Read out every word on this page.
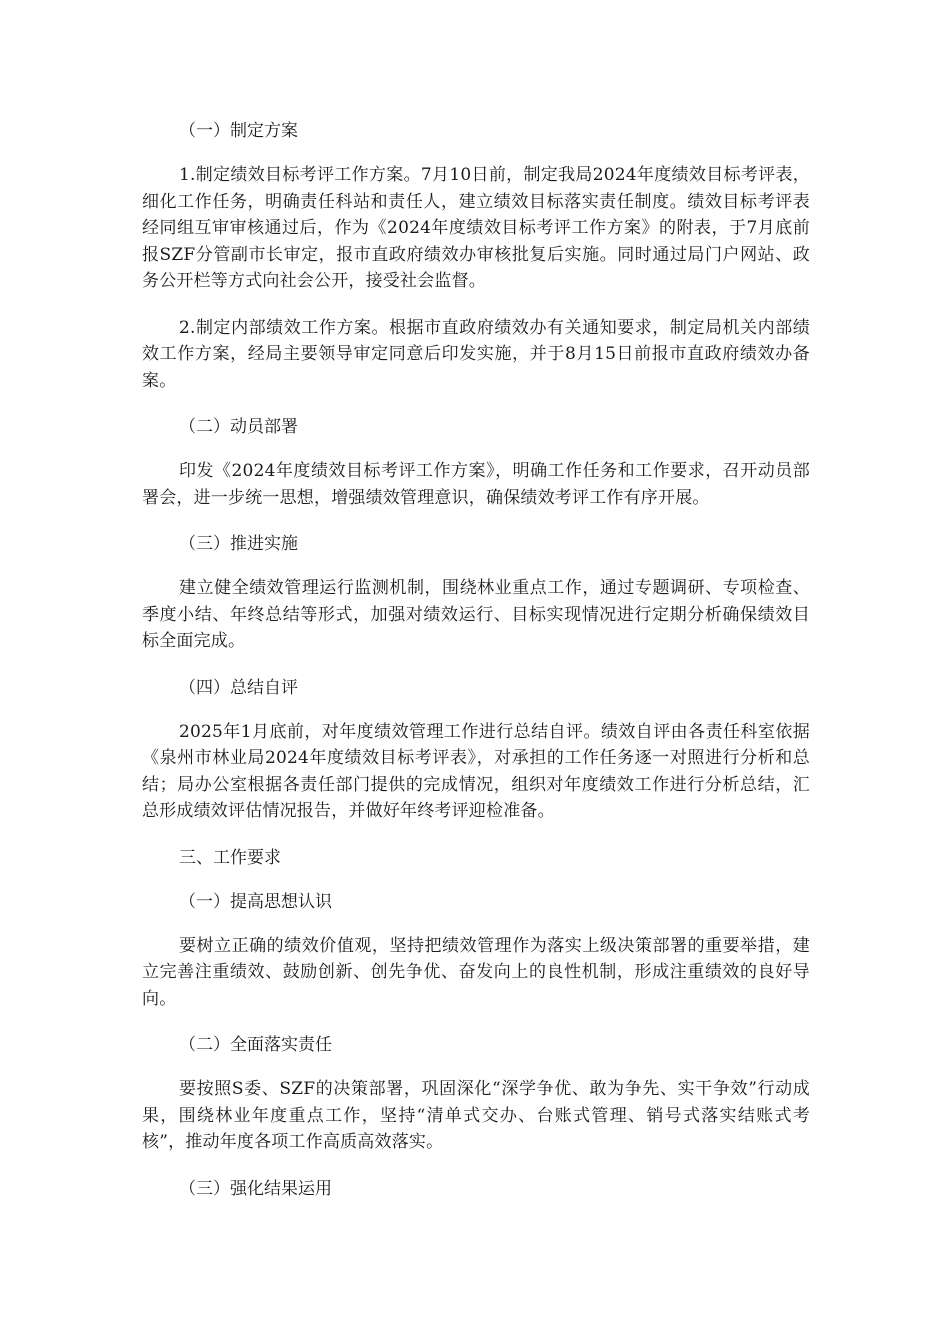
（一）制定方案

1.制定绩效目标考评工作方案。7月10日前，制定我局2024年度绩效目标考评表，细化工作任务，明确责任科站和责任人，建立绩效目标落实责任制度。绩效目标考评表经同组互审审核通过后，作为《2024年度绩效目标考评工作方案》的附表，于7月底前报SZF分管副市长审定，报市直政府绩效办审核批复后实施。同时通过局门户网站、政务公开栏等方式向社会公开，接受社会监督。

2.制定内部绩效工作方案。根据市直政府绩效办有关通知要求，制定局机关内部绩效工作方案，经局主要领导审定同意后印发实施，并于8月15日前报市直政府绩效办备案。

（二）动员部署

印发《2024年度绩效目标考评工作方案》，明确工作任务和工作要求，召开动员部署会，进一步统一思想，增强绩效管理意识，确保绩效考评工作有序开展。

（三）推进实施

建立健全绩效管理运行监测机制，围绕林业重点工作，通过专题调研、专项检查、季度小结、年终总结等形式，加强对绩效运行、目标实现情况进行定期分析确保绩效目标全面完成。

（四）总结自评

2025年1月底前，对年度绩效管理工作进行总结自评。绩效自评由各责任科室依据《泉州市林业局2024年度绩效目标考评表》，对承担的工作任务逐一对照进行分析和总结；局办公室根据各责任部门提供的完成情况，组织对年度绩效工作进行分析总结，汇总形成绩效评估情况报告，并做好年终考评迎检准备。

三、工作要求
（一）提高思想认识

要树立正确的绩效价值观，坚持把绩效管理作为落实上级决策部署的重要举措，建立完善注重绩效、鼓励创新、创先争优、奋发向上的良性机制，形成注重绩效的良好导向。

（二）全面落实责任

要按照S委、SZF的决策部署，巩固深化“深学争优、敢为争先、实干争效”行动成果，围绕林业年度重点工作，坚持“清单式交办、台账式管理、销号式落实结账式考核”，推动年度各项工作高质高效落实。

（三）强化结果运用
